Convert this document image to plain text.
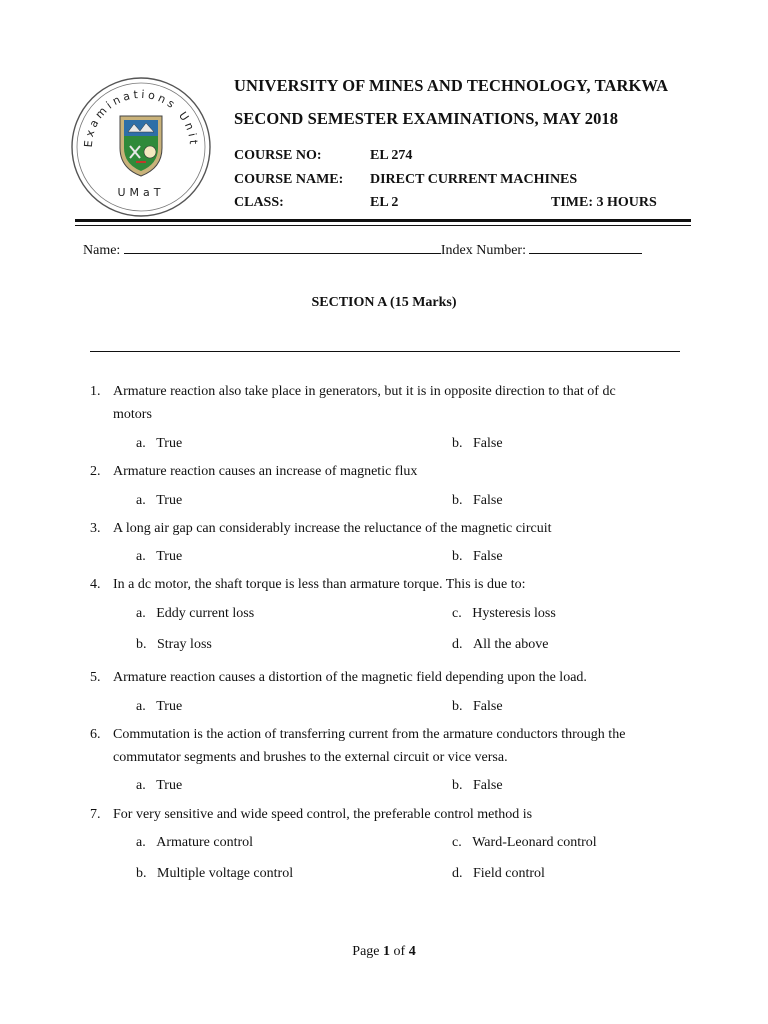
Examinations Unit
UMaT
UNIVERSITY OF MINES AND TECHNOLOGY, TARKWA
SECOND SEMESTER EXAMINATIONS, MAY 2018
COURSE NO:	EL 274
COURSE NAME: DIRECT CURRENT MACHINES
CLASS:	EL 2	TIME: 3 HOURS
Name:	Index Number:
SECTION A (15 Marks)
1. Armature reaction also take place in generators, but it is in opposite direction to that of dc
motors
a. True	b. False
2. Armature reaction causes an increase of magnetic flux
a. True	b. False
3. A long air gap can considerably increase the reluctance of the magnetic circuit
a. True	b. False
4. In a dc motor, the shaft torque is less than armature torque. This is due to:
a. Eddy current loss	c. Hysteresis loss
b. Stray loss	d. All the above
5. Armature reaction causes a distortion of the magnetic field depending upon the load.
a. True	b. False
6. Commutation is the action of transferring current from the armature conductors through the
commutator segments and brushes to the external circuit or vice versa.
a. True	b. False
7. For very sensitive and wide speed control, the preferable control method is
a. Armature control	c. Ward-Leonard control
b. Multiple voltage control	d. Field control
Page 1 of 4
